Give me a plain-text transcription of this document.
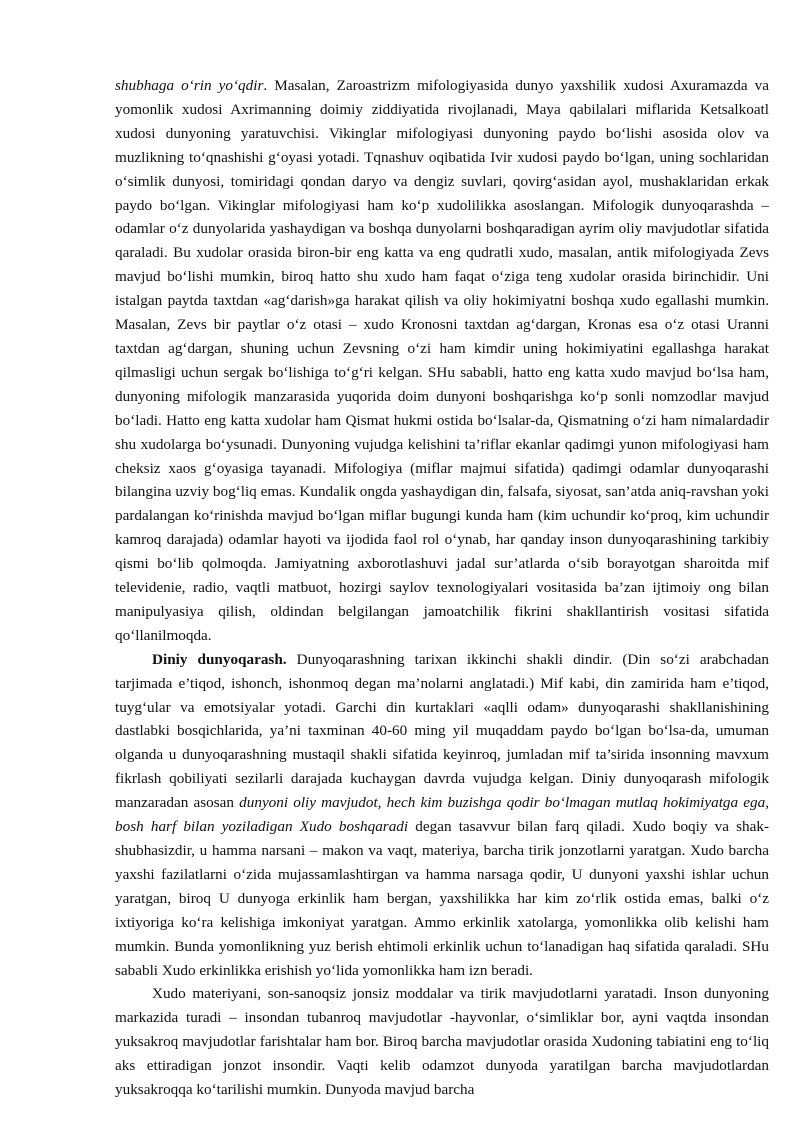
shubhaga o‘rin yo‘qdir. Masalan, Zaroastrizm mifologiyasida dunyo yaxshilik xudosi Axuramazda va yomonlik xudosi Axrimanning doimiy ziddiyatida rivojlanadi, Maya qabilalari miflarida Ketsalkoatl xudosi dunyoning yaratuvchisi. Vikinglar mifologiyasi dunyoning paydo bo‘lishi asosida olov va muzlikning to‘qnashishi g‘oyasi yotadi. Tqnashuv oqibatida Ivir xudosi paydo bo‘lgan, uning sochlaridan o‘simlik dunyosi, tomiridagi qondan daryo va dengiz suvlari, qovirg‘asidan ayol, mushaklaridan erkak paydo bo‘lgan. Vikinglar mifologiyasi ham ko‘p xudolilikka asoslangan. Mifologik dunyoqarashda – odamlar o‘z dunyolarida yashaydigan va boshqa dunyolarni boshqaradigan ayrim oliy mavjudotlar sifatida qaraladi. Bu xudolar orasida biron-bir eng katta va eng qudratli xudo, masalan, antik mifologiyada Zevs mavjud bo‘lishi mumkin, biroq hatto shu xudo ham faqat o‘ziga teng xudolar orasida birinchidir. Uni istalgan paytda taxtdan «ag‘darish»ga harakat qilish va oliy hokimiyatni boshqa xudo egallashi mumkin. Masalan, Zevs bir paytlar o‘z otasi – xudo Kronosni taxtdan ag‘dargan, Kronas esa o‘z otasi Uranni taxtdan ag‘dargan, shuning uchun Zevsning o‘zi ham kimdir uning hokimiyatini egallashga harakat qilmasligi uchun sergak bo‘lishiga to‘g‘ri kelgan. SHu sababli, hatto eng katta xudo mavjud bo‘lsa ham, dunyoning mifologik manzarasida yuqorida doim dunyoni boshqarishga ko‘p sonli nomzodlar mavjud bo‘ladi. Hatto eng katta xudolar ham Qismat hukmi ostida bo‘lsalar-da, Qismatning o‘zi ham nimalardadir shu xudolarga bo‘ysunadi. Dunyoning vujudga kelishini ta’riflar ekanlar qadimgi yunon mifologiyasi ham cheksiz xaos g‘oyasiga tayanadi. Mifologiya (miflar majmui sifatida) qadimgi odamlar dunyoqarashi bilangina uzviy bog‘liq emas. Kundalik ongda yashaydigan din, falsafa, siyosat, san’atda aniq-ravshan yoki pardalangan ko‘rinishda mavjud bo‘lgan miflar bugungi kunda ham (kim uchundir ko‘proq, kim uchundir kamroq darajada) odamlar hayoti va ijodida faol rol o‘ynab, har qanday inson dunyoqarashining tarkibiy qismi bo‘lib qolmoqda. Jamiyatning axborotlashuvi jadal sur’atlarda o‘sib borayotgan sharoitda mif televidenie, radio, vaqtli matbuot, hozirgi saylov texnologiyalari vositasida ba’zan ijtimoiy ong bilan manipulyasiya qilish, oldindan belgilangan jamoatchilik fikrini shakllantirish vositasi sifatida qo‘llanilmoqda.

Diniy dunyoqarash. Dunyoqarashning tarixan ikkinchi shakli dindir. (Din so‘zi arabchadan tarjimada e’tiqod, ishonch, ishonmoq degan ma’nolarni anglatadi.) Mif kabi, din zamirida ham e’tiqod, tuyg‘ular va emotsiyalar yotadi. Garchi din kurtaklari «aqlli odam» dunyoqarashi shakllanishining dastlabki bosqichlarida, ya’ni taxminan 40-60 ming yil muqaddam paydo bo‘lgan bo‘lsa-da, umuman olganda u dunyoqarashning mustaqil shakli sifatida keyinroq, jumladan mif ta’sirida insonning mavxum fikrlash qobiliyati sezilarli darajada kuchaygan davrda vujudga kelgan. Diniy dunyoqarash mifologik manzaradan asosan dunyoni oliy mavjudot, hech kim buzishga qodir bo‘lmagan mutlaq hokimiyatga ega, bosh harf bilan yoziladigan Xudo boshqaradi degan tasavvur bilan farq qiladi. Xudo boqiy va shak-shubhasizdir, u hamma narsani – makon va vaqt, materiya, barcha tirik jonzotlarni yaratgan. Xudo barcha yaxshi fazilatlarni o‘zida mujassamlashtirgan va hamma narsaga qodir, U dunyoni yaxshi ishlar uchun yaratgan, biroq U dunyoga erkinlik ham bergan, yaxshilikka har kim zo‘rlik ostida emas, balki o‘z ixtiyoriga ko‘ra kelishiga imkoniyat yaratgan. Ammo erkinlik xatolarga, yomonlikka olib kelishi ham mumkin. Bunda yomonlikning yuz berish ehtimoli erkinlik uchun to‘lanadigan haq sifatida qaraladi. SHu sababli Xudo erkinlikka erishish yo‘lida yomonlikka ham izn beradi.

Xudo materiyani, son-sanoqsiz jonsiz moddalar va tirik mavjudotlarni yaratadi. Inson dunyoning markazida turadi – insondan tubanroq mavjudotlar -hayvonlar, o‘simliklar bor, ayni vaqtda insondan yuksakroq mavjudotlar farishtalar ham bor. Biroq barcha mavjudotlar orasida Xudoning tabiatini eng to‘liq aks ettiradigan jonzot insondir. Vaqti kelib odamzot dunyoda yaratilgan barcha mavjudotlardan yuksakroqqa ko‘tarilishi mumkin. Dunyoda mavjud barcha
